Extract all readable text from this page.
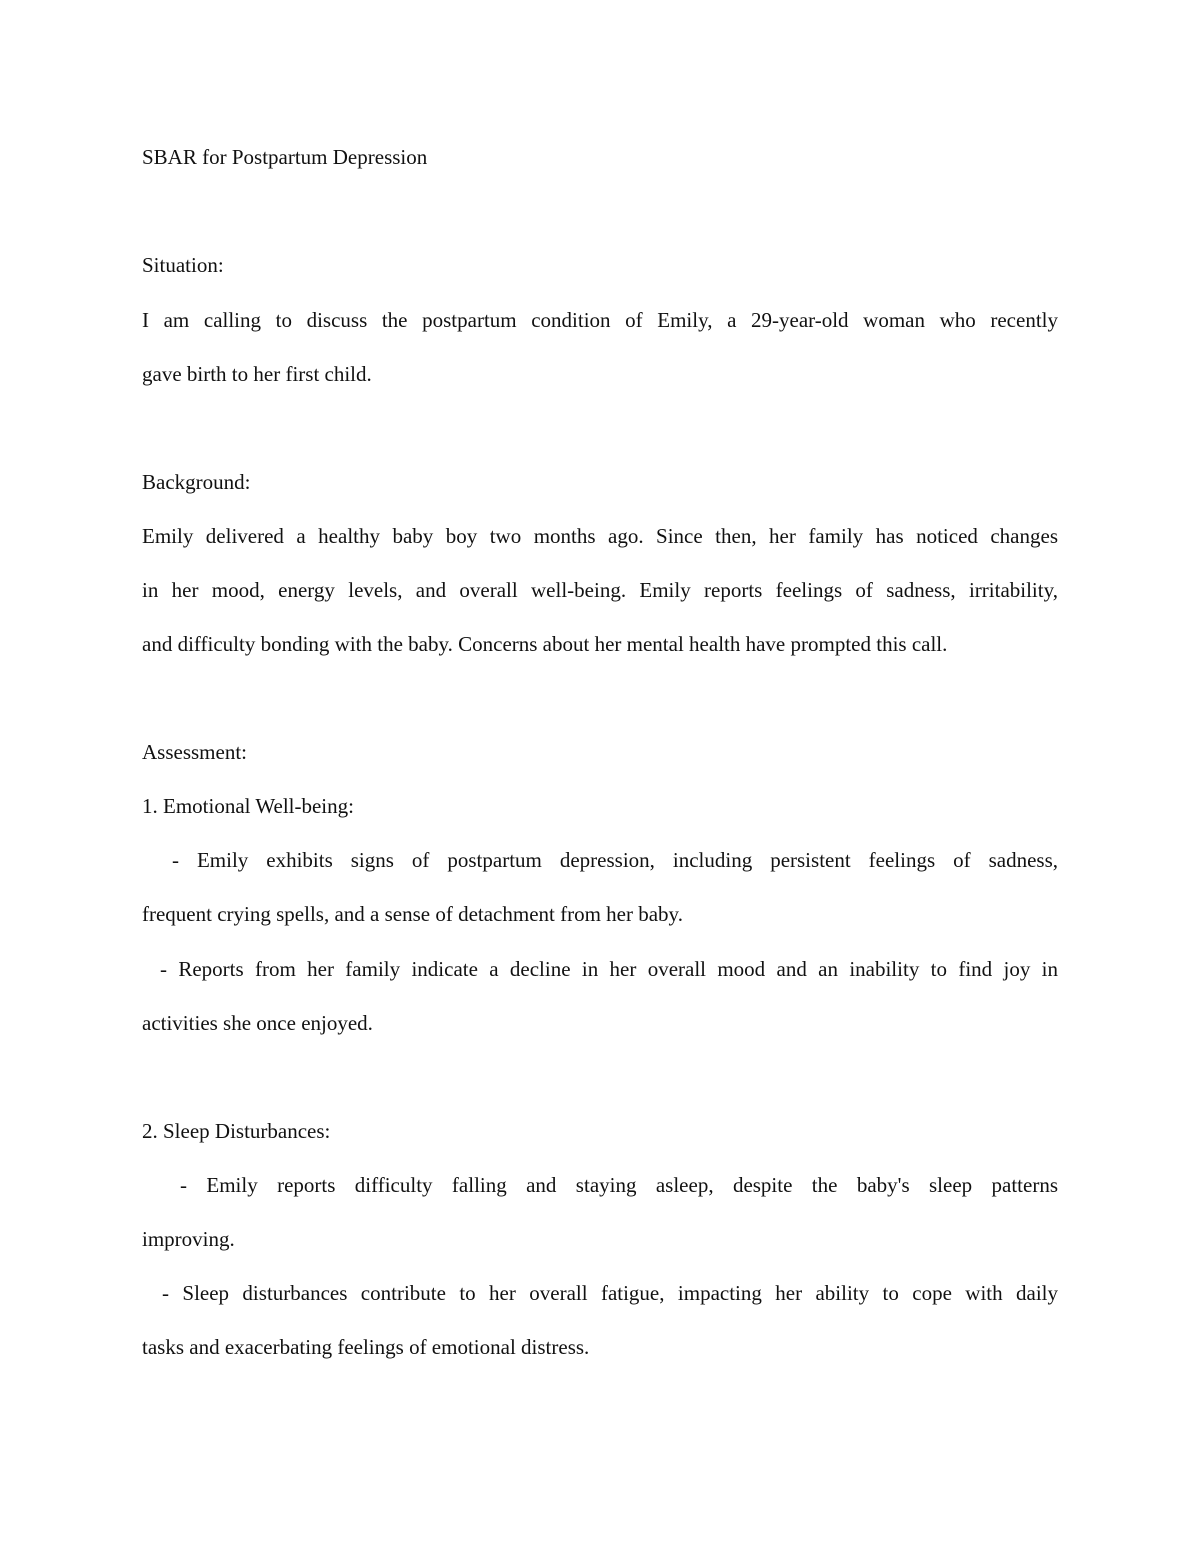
SBAR for Postpartum Depression

Situation:

I am calling to discuss the postpartum condition of Emily, a 29-year-old woman who recently

gave birth to her first child.

Background:

Emily delivered a healthy baby boy two months ago. Since then, her family has noticed changes

in her mood, energy levels, and overall well-being. Emily reports feelings of sadness, irritability,

and difficulty bonding with the baby. Concerns about her mental health have prompted this call.

Assessment:

1. Emotional Well-being:

- Emily exhibits signs of postpartum depression, including persistent feelings of sadness,

frequent crying spells, and a sense of detachment from her baby.

- Reports from her family indicate a decline in her overall mood and an inability to find joy in

activities she once enjoyed.

2. Sleep Disturbances:

- Emily reports difficulty falling and staying asleep, despite the baby's sleep patterns

improving.

- Sleep disturbances contribute to her overall fatigue, impacting her ability to cope with daily

tasks and exacerbating feelings of emotional distress.
